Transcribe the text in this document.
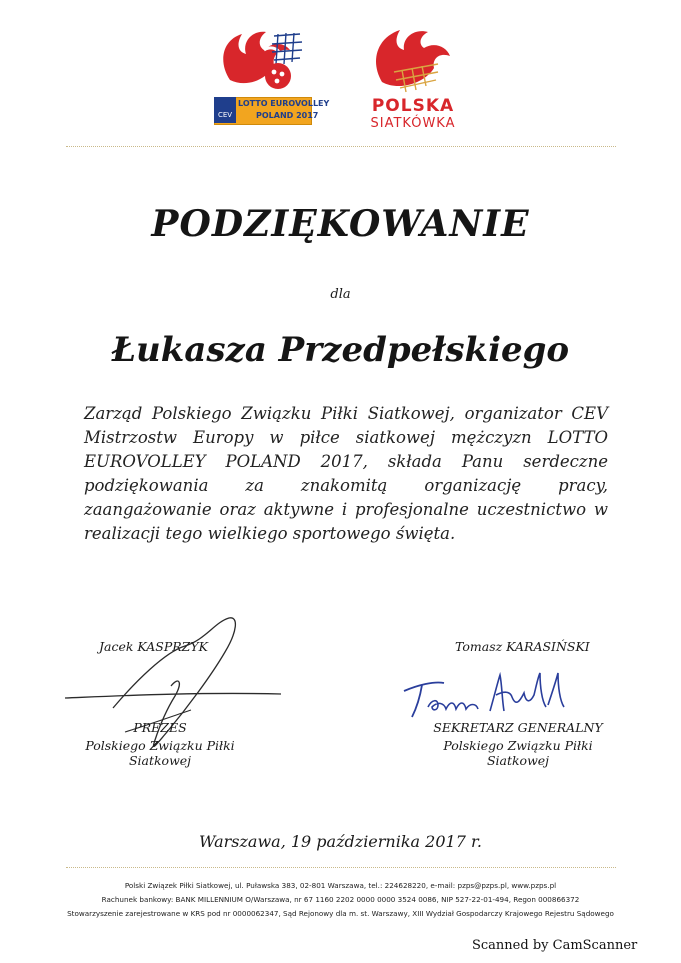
CEV
LOTTO EUROVOLLEY
POLAND 2017	POLSKA
SIATKÓWKA
PODZIĘKOWANIE
dla
Łukasza Przedpełskiego
Zarząd Polskiego Związku Piłki Siatkowej, organizator CEV Mistrzostw Europy w piłce siatkowej mężczyzn LOTTO EUROVOLLEY POLAND 2017, składa Panu serdeczne podziękowania za znakomitą organizację pracy, zaangażowanie oraz aktywne i profesjonalne uczestnictwo w realizacji tego wielkiego sportowego święta.
Jacek KASPRZYK	Tomasz KARASIŃSKI
PREZES
Polskiego Związku Piłki Siatkowej
SEKRETARZ GENERALNY
Polskiego Związku Piłki Siatkowej
Warszawa, 19 października 2017 r.
Polski Związek Piłki Siatkowej, ul. Puławska 383, 02-801 Warszawa, tel.: 224628220, e-mail: pzps@pzps.pl, www.pzps.pl
Rachunek bankowy: BANK MILLENNIUM O/Warszawa, nr 67 1160 2202 0000 0000 3524 0086, NIP 527-22-01-494, Regon 000866372
Stowarzyszenie zarejestrowane w KRS pod nr 0000062347, Sąd Rejonowy dla m. st. Warszawy, XIII Wydział Gospodarczy Krajowego Rejestru Sądowego
Scanned by CamScanner
